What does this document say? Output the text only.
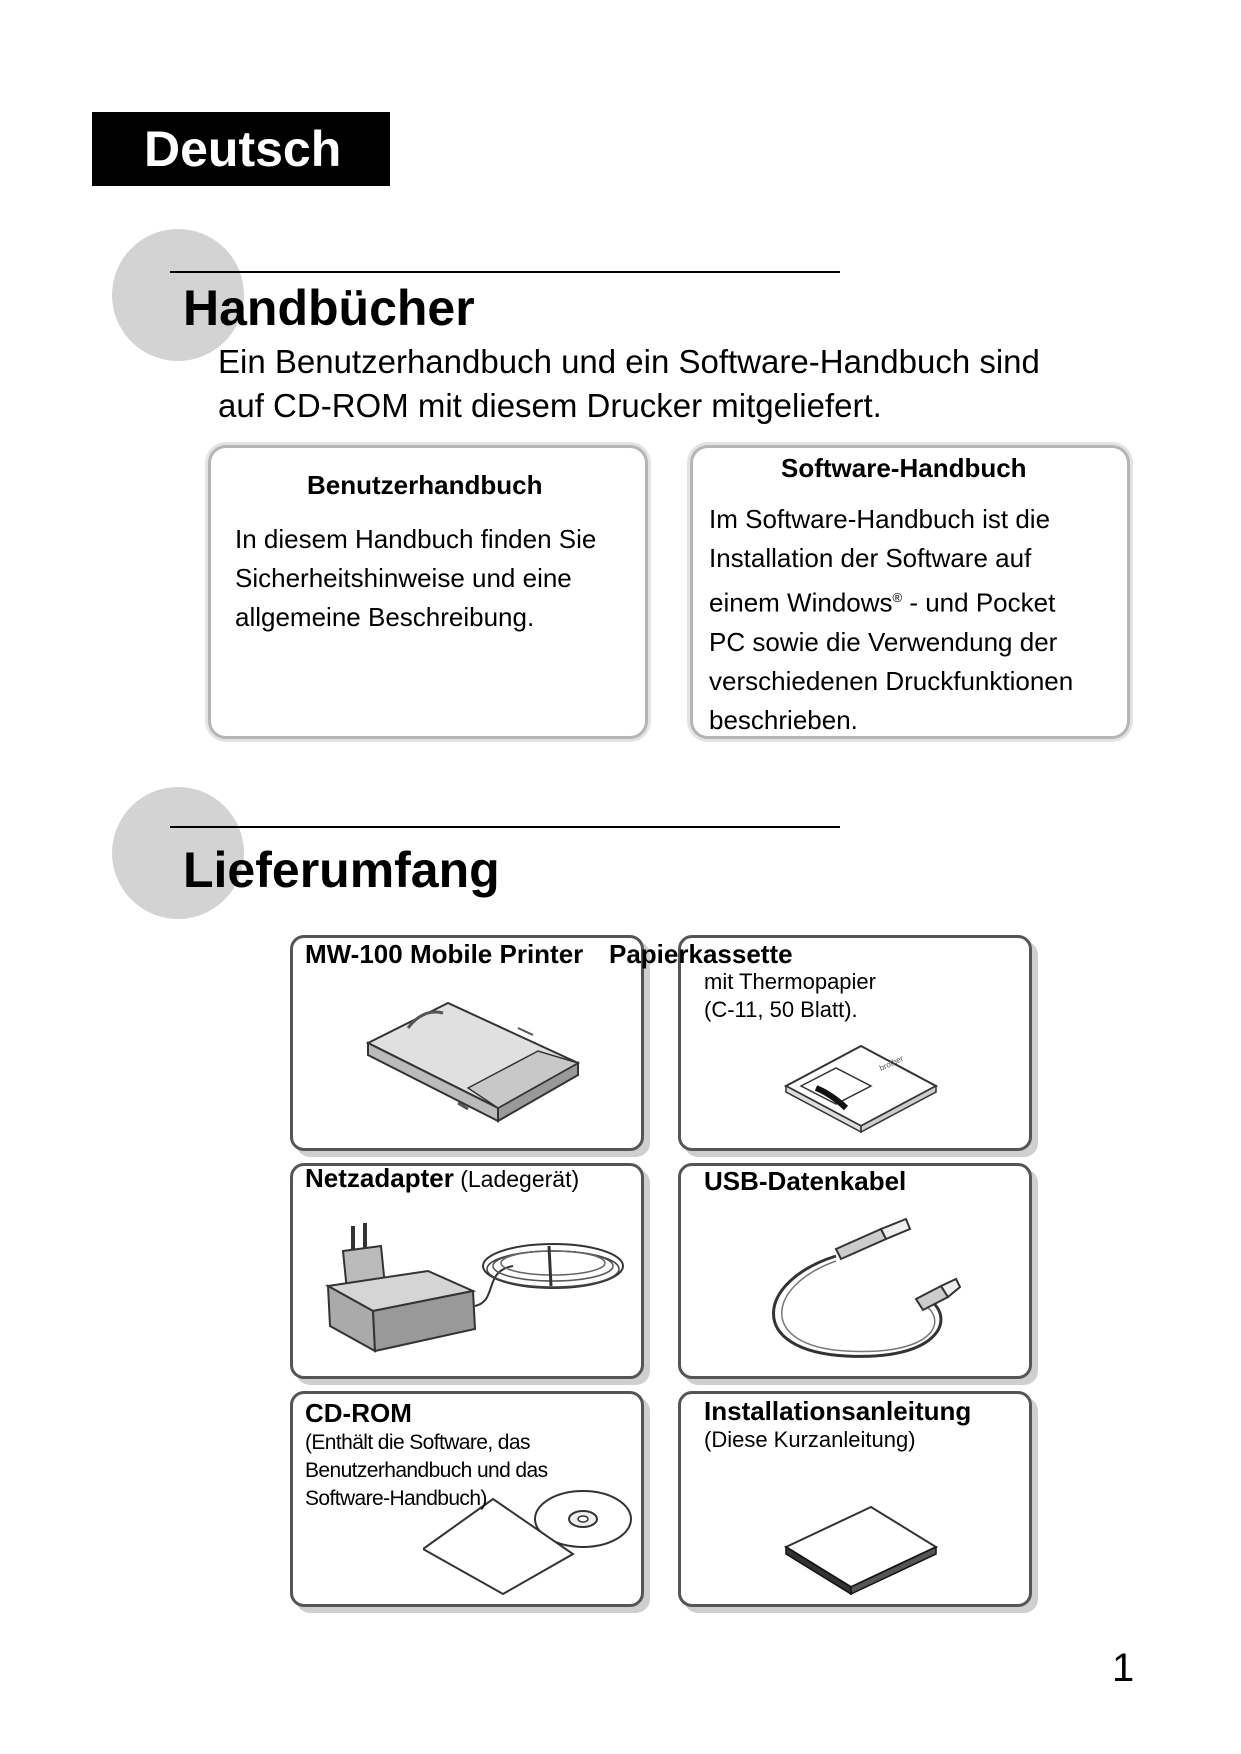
Deutsch
Handbücher
Ein Benutzerhandbuch und ein Software-Handbuch sind
auf CD-ROM mit diesem Drucker mitgeliefert.
Benutzerhandbuch
In diesem Handbuch finden Sie
Sicherheitshinweise und eine
allgemeine Beschreibung.
Software-Handbuch
Im Software-Handbuch ist die
Installation der Software auf
einem Windows® - und Pocket
PC sowie die Verwendung der
verschiedenen Druckfunktionen
beschrieben.
Lieferumfang
MW-100 Mobile Printer
brother
Papierkassette
mit Thermopapier
(C-11, 50 Blatt).
Netzadapter (Ladegerät)	USB-Datenkabel
CD-ROM
(Enthält die Software, das
Benutzerhandbuch und das
Software-Handbuch)
Installationsanleitung
(Diese Kurzanleitung)
1
